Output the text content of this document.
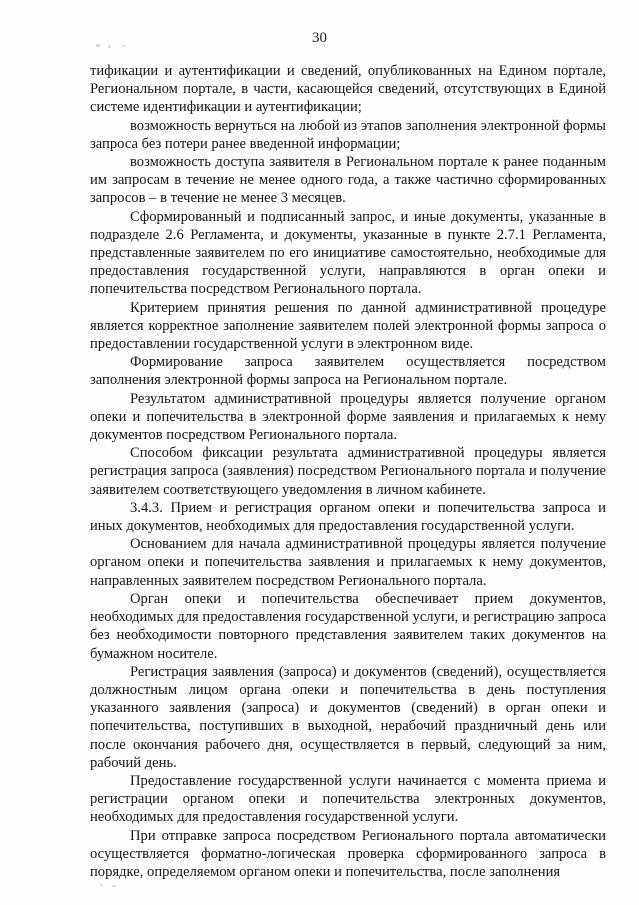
30

тификации и аутентификации и сведений, опубликованных на Едином портале, Региональном портале, в части, касающейся сведений, отсутствующих в Единой системе идентификации и аутентификации;

возможность вернуться на любой из этапов заполнения электронной формы запроса без потери ранее введенной информации;

возможность доступа заявителя в Региональном портале к ранее поданным им запросам в течение не менее одного года, а также частично сформированных запросов – в течение не менее 3 месяцев.

Сформированный и подписанный запрос, и иные документы, указанные в подразделе 2.6 Регламента, и документы, указанные в пункте 2.7.1 Регламента, представленные заявителем по его инициативе самостоятельно, необходимые для предоставления государственной услуги, направляются в орган опеки и попечительства посредством Регионального портала.

Критерием принятия решения по данной административной процедуре является корректное заполнение заявителем полей электронной формы запроса о предоставлении государственной услуги в электронном виде.

Формирование запроса заявителем осуществляется посредством заполнения электронной формы запроса на Региональном портале.

Результатом административной процедуры является получение органом опеки и попечительства в электронной форме заявления и прилагаемых к нему документов посредством Регионального портала.

Способом фиксации результата административной процедуры является регистрация запроса (заявления) посредством Регионального портала и получение заявителем соответствующего уведомления в личном кабинете.

3.4.3. Прием и регистрация органом опеки и попечительства запроса и иных документов, необходимых для предоставления государственной услуги.

Основанием для начала административной процедуры является получение органом опеки и попечительства заявления и прилагаемых к нему документов, направленных заявителем посредством Регионального портала.

Орган опеки и попечительства обеспечивает прием документов, необходимых для предоставления государственной услуги, и регистрацию запроса без необходимости повторного представления заявителем таких документов на бумажном носителе.

Регистрация заявления (запроса) и документов (сведений), осуществляется должностным лицом органа опеки и попечительства в день поступления указанного заявления (запроса) и документов (сведений) в орган опеки и попечительства, поступивших в выходной, нерабочий праздничный день или после окончания рабочего дня, осуществляется в первый, следующий за ним, рабочий день.

Предоставление государственной услуги начинается с момента приема и регистрации органом опеки и попечительства электронных документов, необходимых для предоставления государственной услуги.

При отправке запроса посредством Регионального портала автоматически осуществляется форматно-логическая проверка сформированного запроса в порядке, определяемом органом опеки и попечительства, после заполнения
